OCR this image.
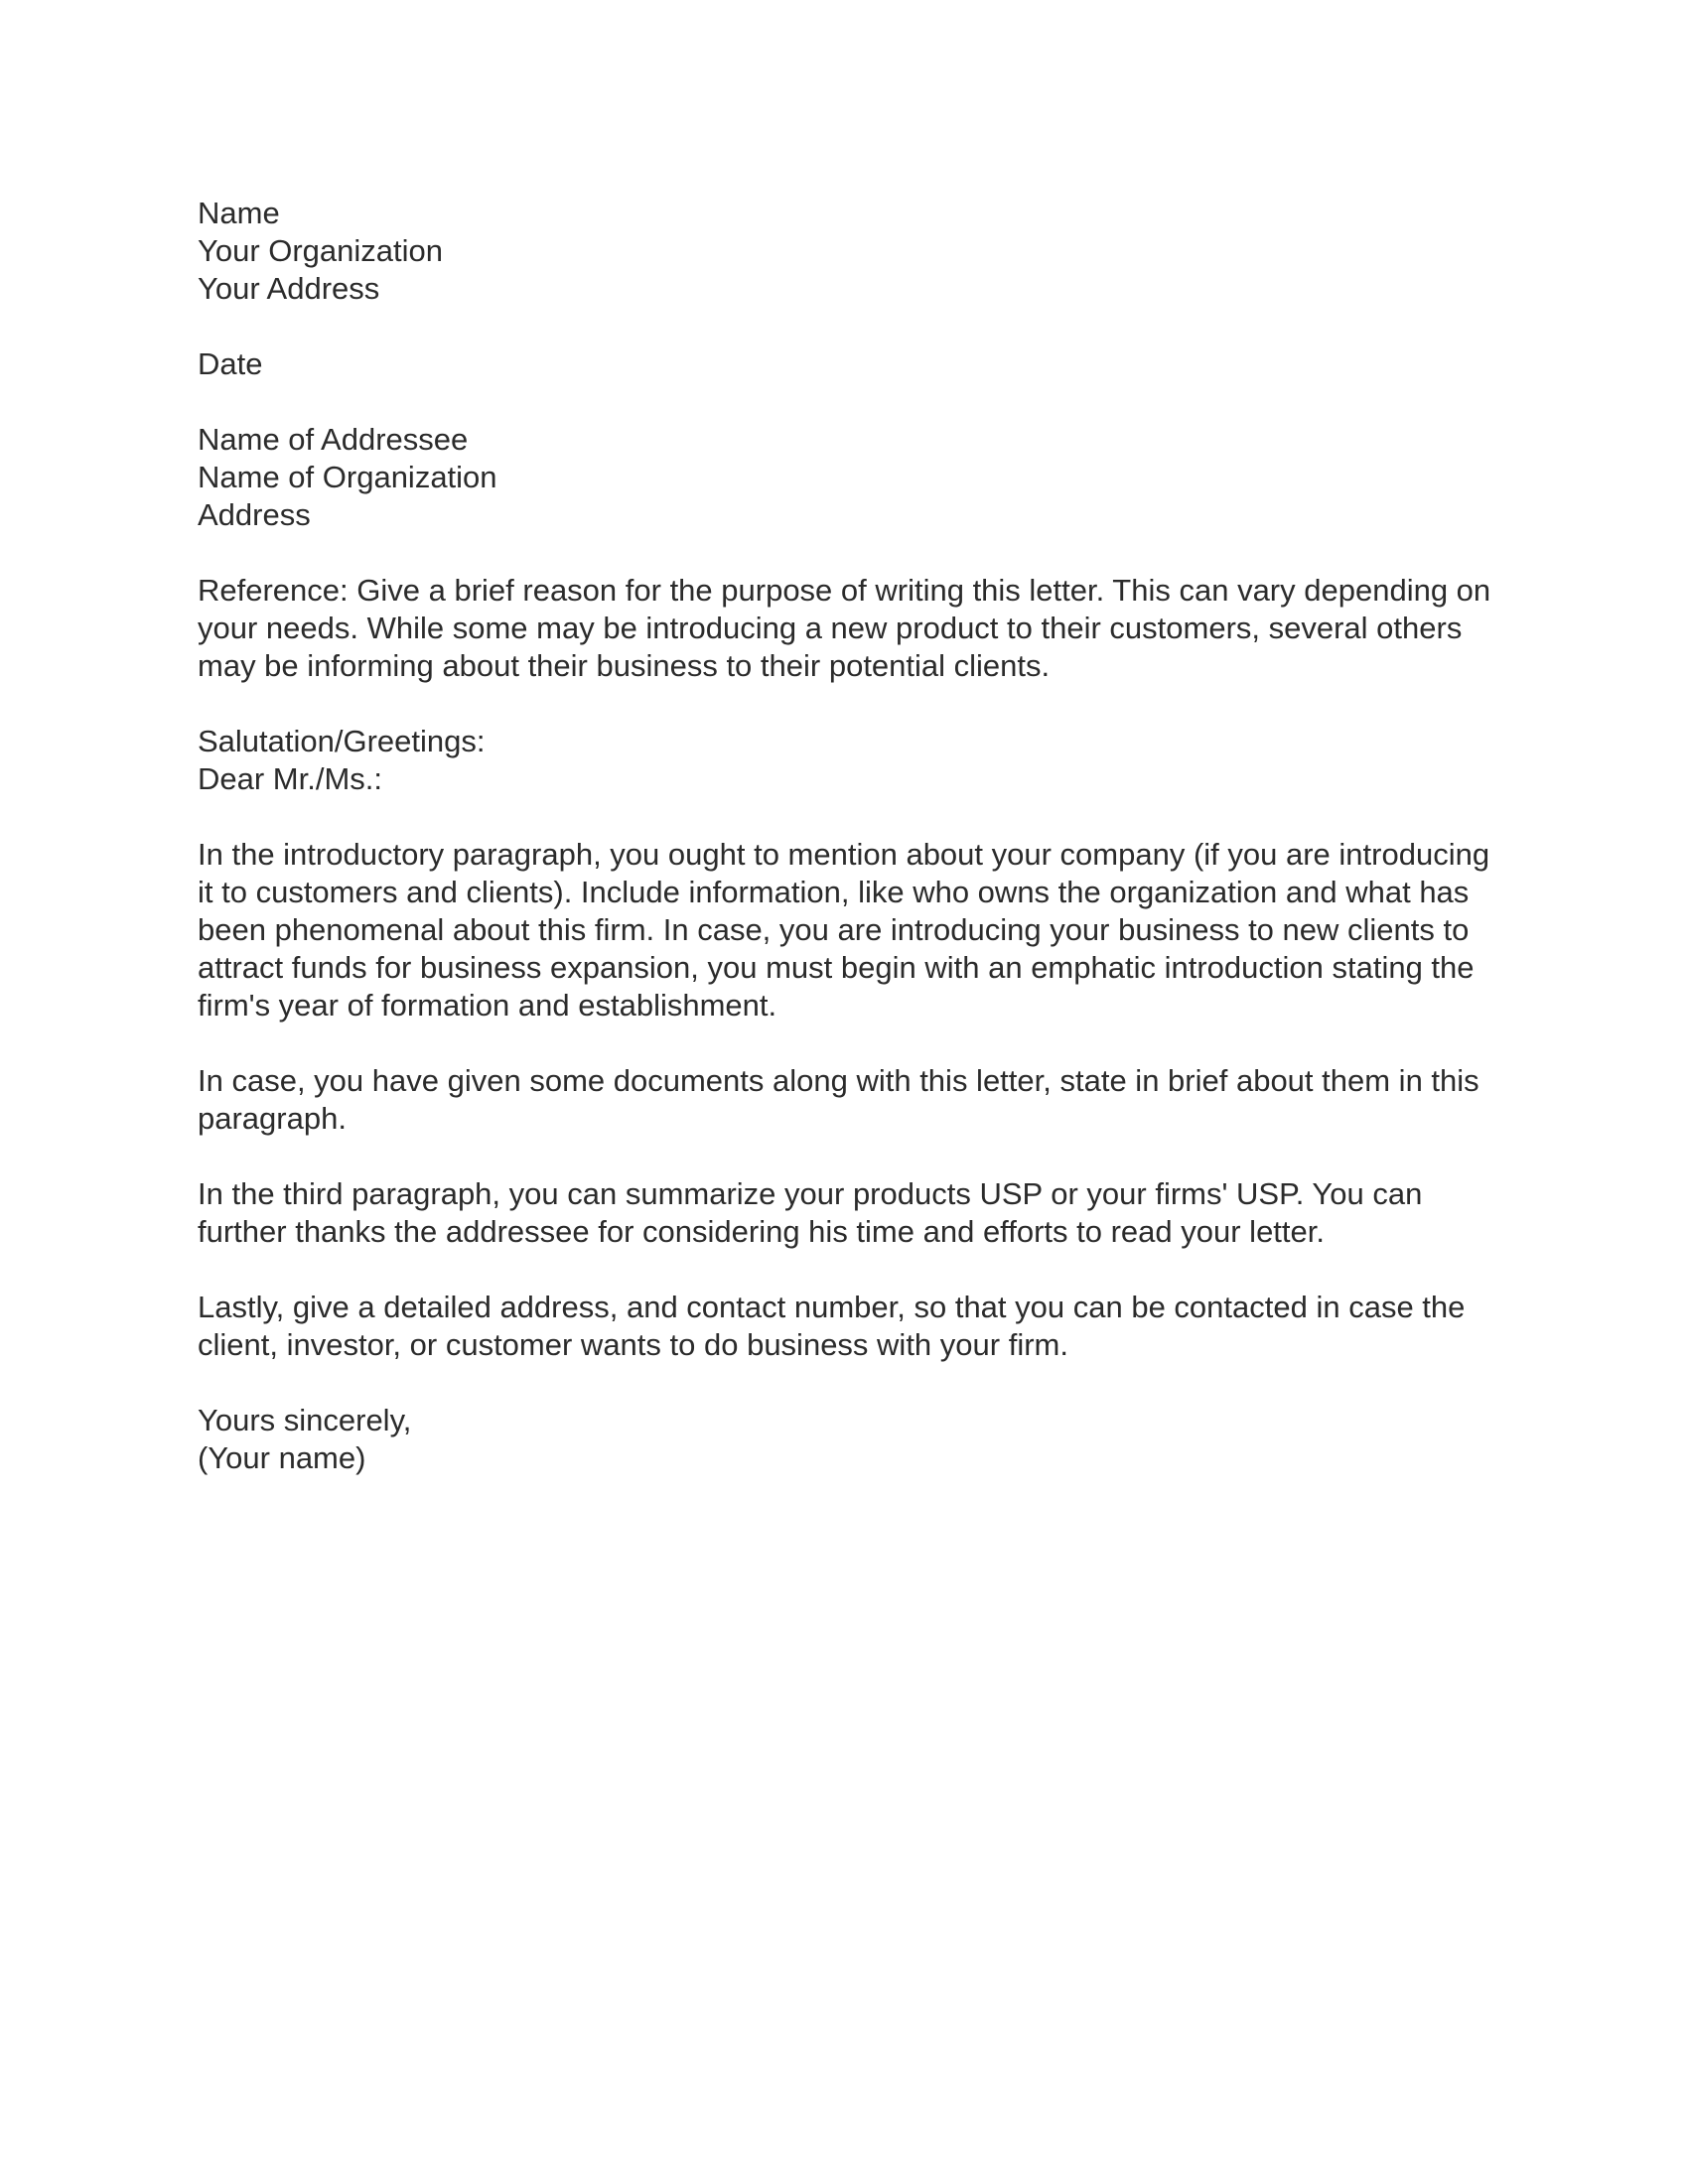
Name
Your Organization
Your Address
Date
Name of Addressee
Name of Organization
Address
Reference: Give a brief reason for the purpose of writing this letter. This can vary depending on
your needs. While some may be introducing a new product to their customers, several others
may be informing about their business to their potential clients.
Salutation/Greetings:
Dear Mr./Ms.:
In the introductory paragraph, you ought to mention about your company (if you are introducing
it to customers and clients). Include information, like who owns the organization and what has
been phenomenal about this firm. In case, you are introducing your business to new clients to
attract funds for business expansion, you must begin with an emphatic introduction stating the
firm's year of formation and establishment.
In case, you have given some documents along with this letter, state in brief about them in this
paragraph.
In the third paragraph, you can summarize your products USP or your firms' USP. You can
further thanks the addressee for considering his time and efforts to read your letter.
Lastly, give a detailed address, and contact number, so that you can be contacted in case the
client, investor, or customer wants to do business with your firm.
Yours sincerely,
(Your name)
